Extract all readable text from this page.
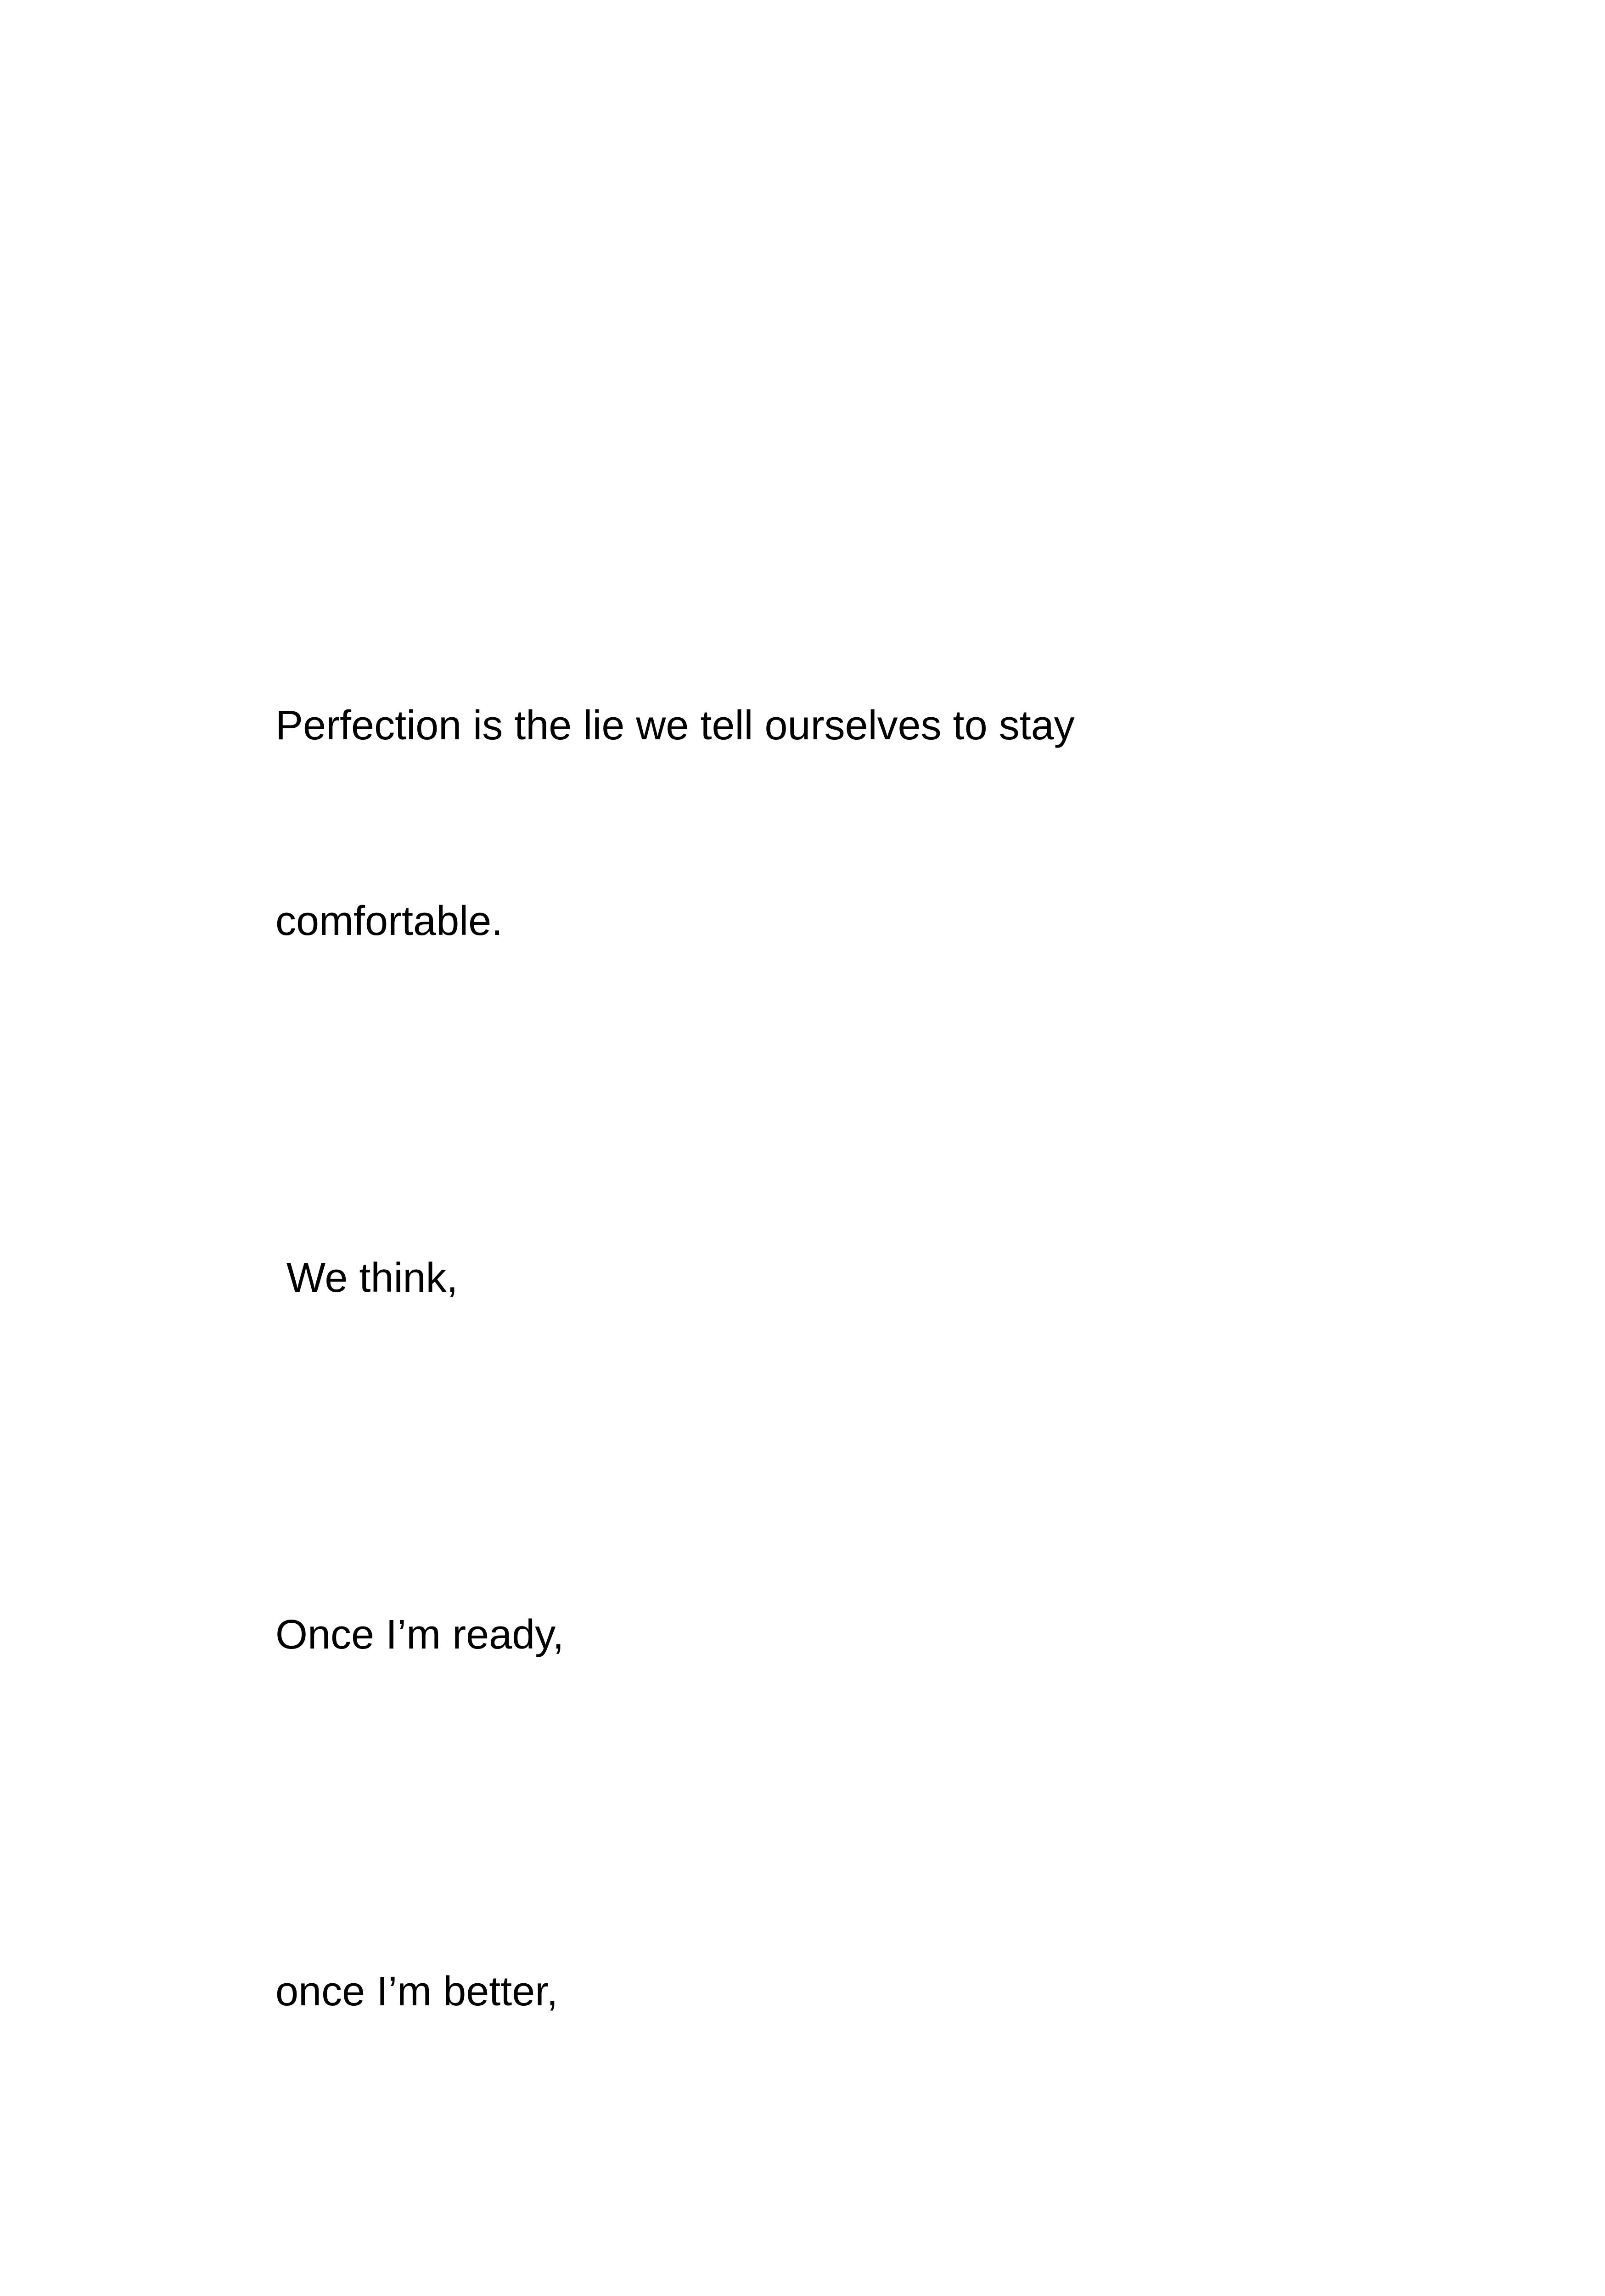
Perfection is the lie we tell ourselves to stay

comfortable.

We think,

Once I’m ready,

once I’m better,
